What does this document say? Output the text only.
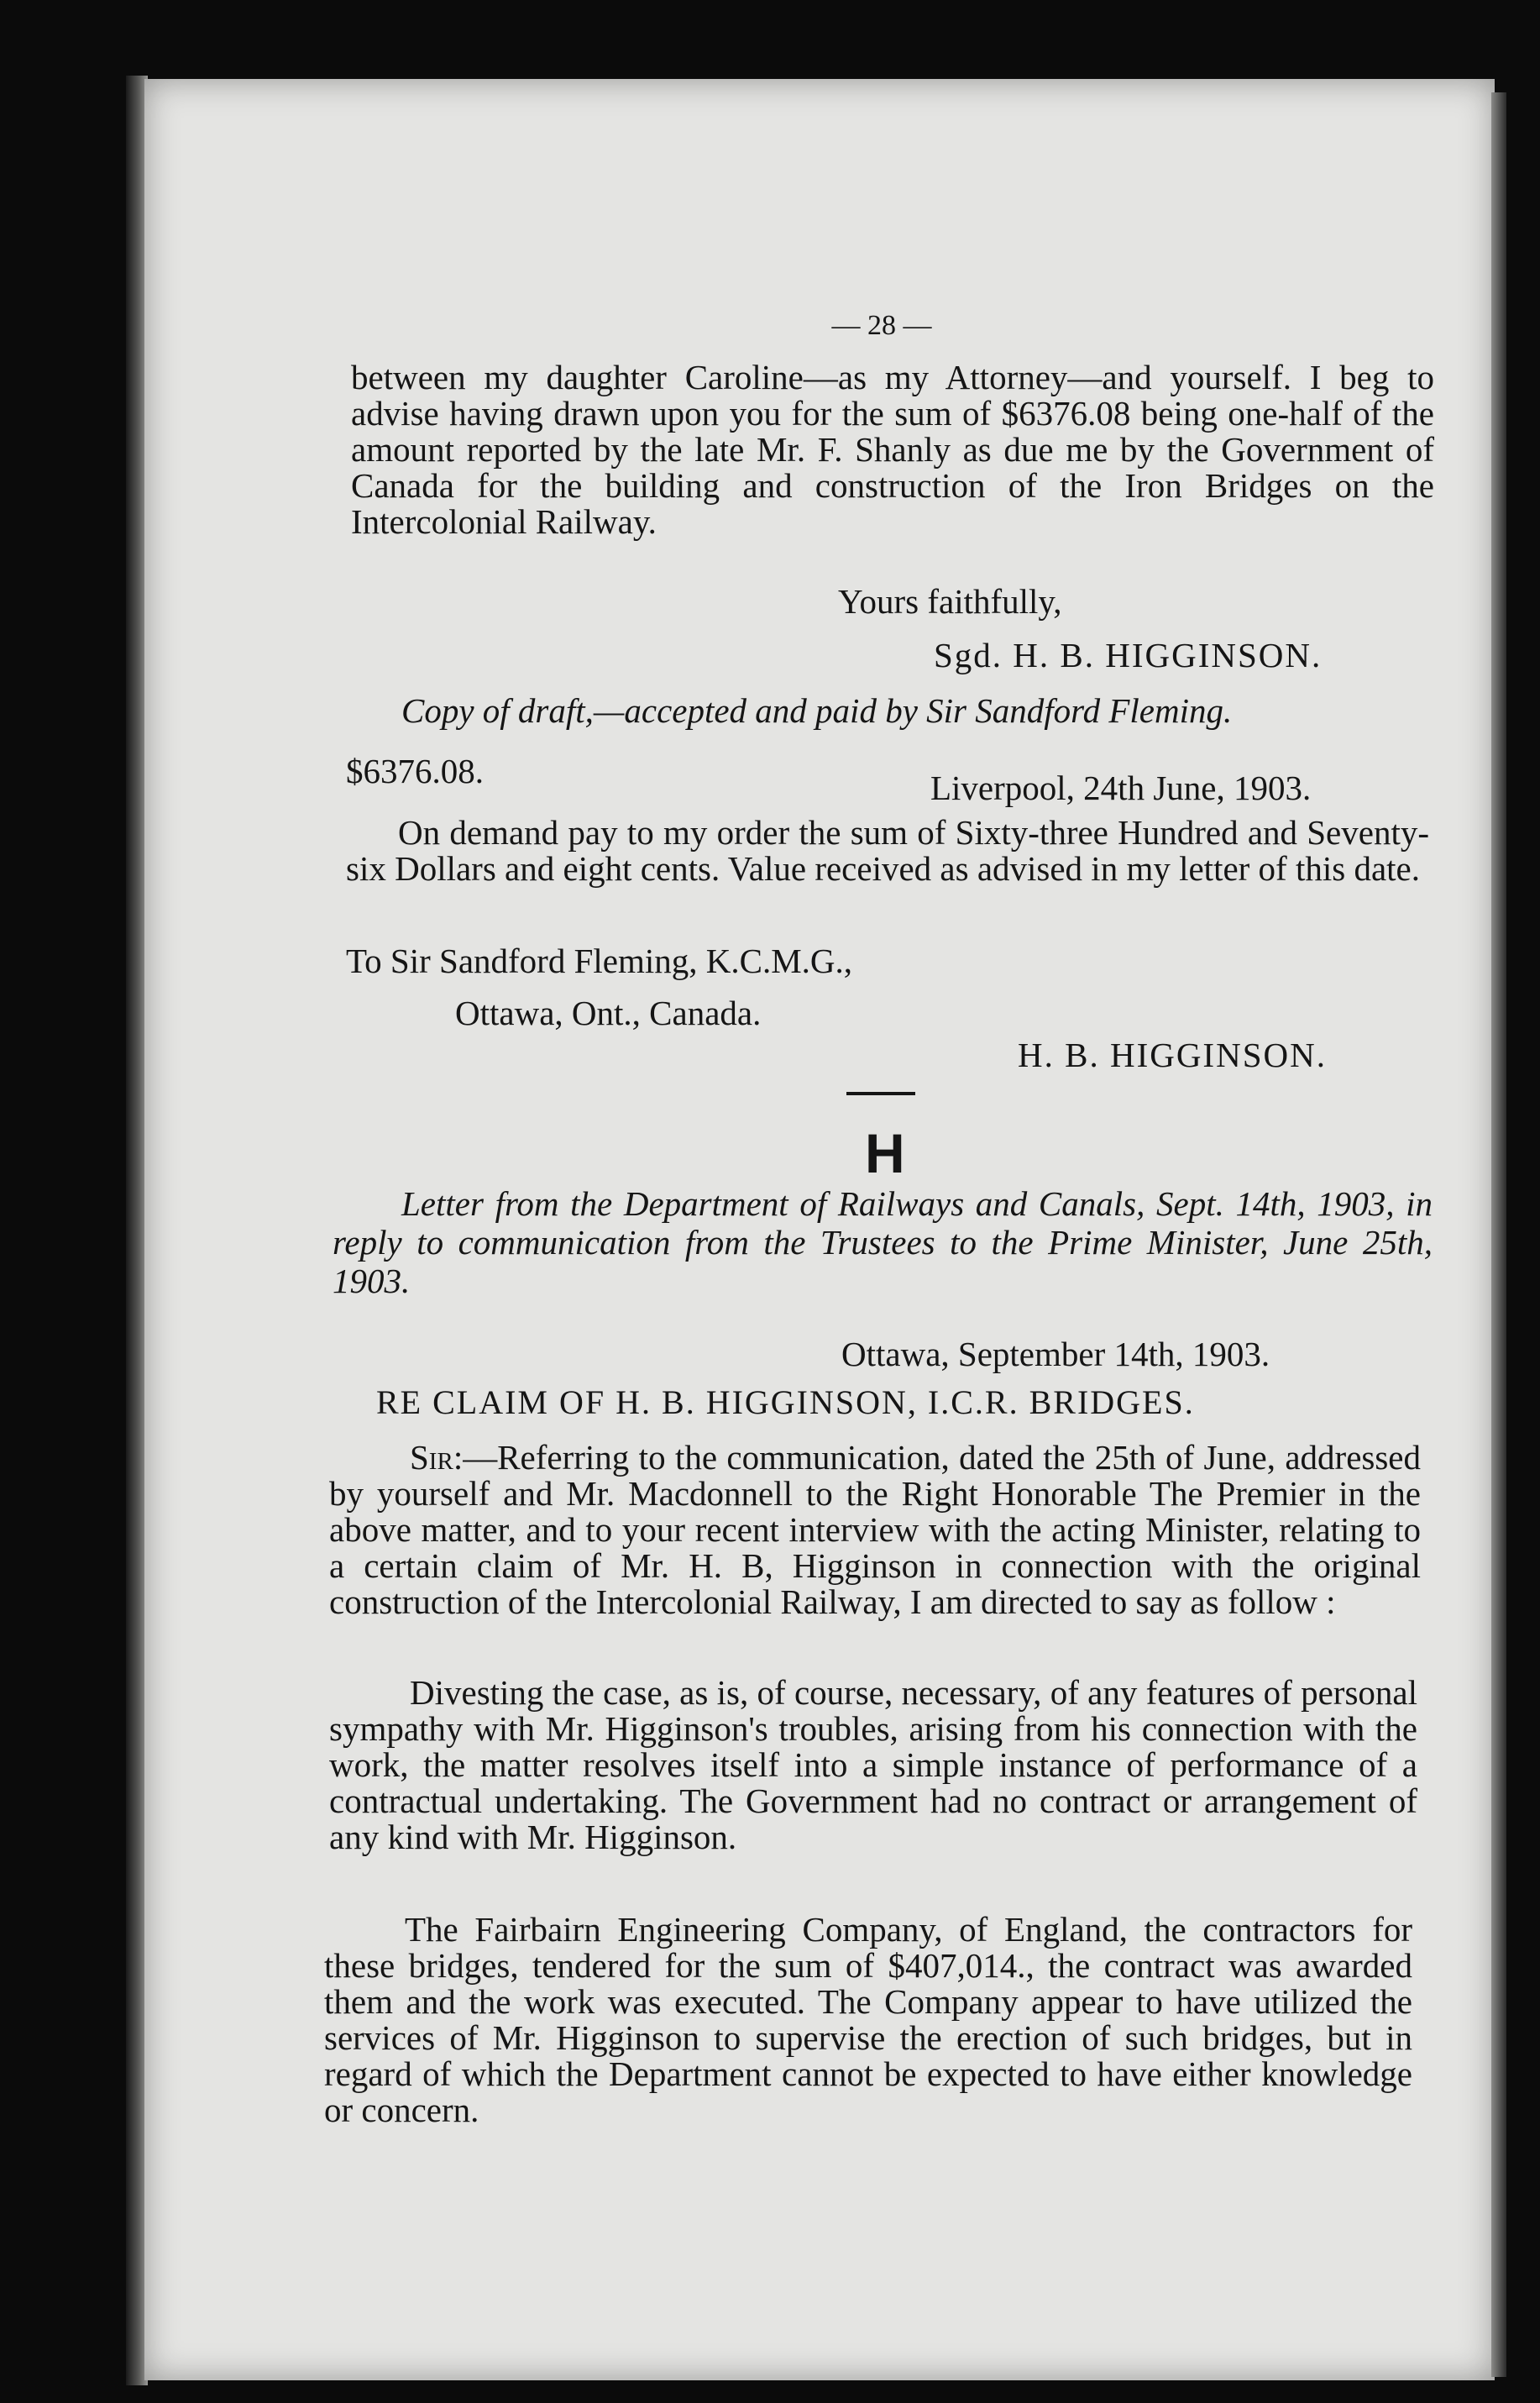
— 28 —
between my daughter Caroline—as my Attorney—and yourself. I beg to advise having drawn upon you for the sum of $6376.08 being one-half of the amount reported by the late Mr. F. Shanly as due me by the Government of Canada for the building and construction of the Iron Bridges on the Intercolonial Railway.
Yours faithfully,
Sgd. H. B. HIGGINSON.
Copy of draft,—accepted and paid by Sir Sandford Fleming.
$6376.08.	Liverpool, 24th June, 1903.
On demand pay to my order the sum of Sixty-three Hundred and Seventy-six Dollars and eight cents. Value received as advised in my letter of this date.
To Sir Sandford Fleming, K.C.M.G.,
Ottawa, Ont., Canada.
H. B. HIGGINSON.
H
Letter from the Department of Railways and Canals, Sept. 14th, 1903, in reply to communication from the Trustees to the Prime Minister, June 25th, 1903.
Ottawa, September 14th, 1903.
RE CLAIM OF H. B. HIGGINSON, I.C.R. BRIDGES.
Sir:—Referring to the communication, dated the 25th of June, addressed by yourself and Mr. Macdonnell to the Right Honorable The Premier in the above matter, and to your recent interview with the acting Minister, relating to a certain claim of Mr. H. B, Higginson in connection with the original construction of the Intercolonial Railway, I am directed to say as follow :
Divesting the case, as is, of course, necessary, of any features of personal sympathy with Mr. Higginson's troubles, arising from his connection with the work, the matter resolves itself into a simple instance of performance of a contractual undertaking. The Government had no contract or arrangement of any kind with Mr. Higginson.
The Fairbairn Engineering Company, of England, the contractors for these bridges, tendered for the sum of $407,014., the contract was awarded them and the work was executed. The Company appear to have utilized the services of Mr. Higginson to supervise the erection of such bridges, but in regard of which the Department cannot be expected to have either knowledge or concern.
